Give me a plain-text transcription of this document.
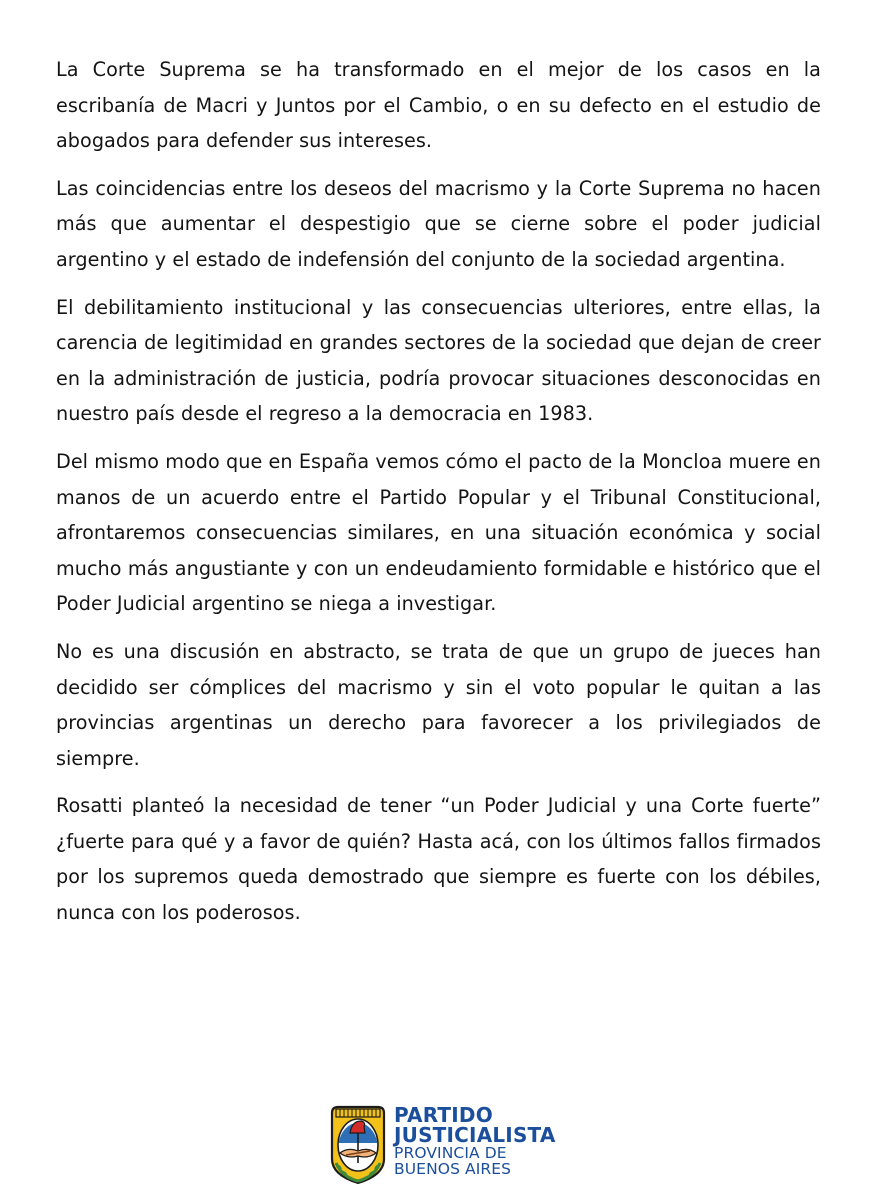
La Corte Suprema se ha transformado en el mejor de los casos en la escribanía de Macri y Juntos por el Cambio, o en su defecto en el estudio de abogados para defender sus intereses.

Las coincidencias entre los deseos del macrismo y la Corte Suprema no hacen más que aumentar el despestigio que se cierne sobre el poder judicial argentino y el estado de indefensión del conjunto de la sociedad argentina.

El debilitamiento institucional y las consecuencias ulteriores, entre ellas, la carencia de legitimidad en grandes sectores de la sociedad que dejan de creer en la administración de justicia, podría provocar situaciones desconocidas en nuestro país desde el regreso a la democracia en 1983.

Del mismo modo que en España vemos cómo el pacto de la Moncloa muere en manos de un acuerdo entre el Partido Popular y el Tribunal Constitucional, afrontaremos consecuencias similares, en una situación económica y social mucho más angustiante y con un endeudamiento formidable e histórico que el Poder Judicial argentino se niega a investigar.

No es una discusión en abstracto, se trata de que un grupo de jueces han decidido ser cómplices del macrismo y sin el voto popular le quitan a las provincias argentinas un derecho para favorecer a los privilegiados de siempre.

Rosatti planteó la necesidad de tener “un Poder Judicial y una Corte fuerte” ¿fuerte para qué y a favor de quién? Hasta acá, con los últimos fallos firmados por los supremos queda demostrado que siempre es fuerte con los débiles, nunca con los poderosos.

PARTIDO
JUSTICIALISTA
PROVINCIA DE
BUENOS AIRES
